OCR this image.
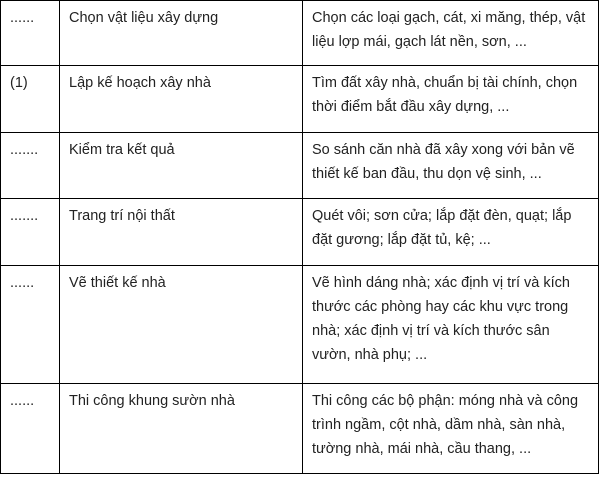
......	Chọn vật liệu xây dựng	Chọn các loại gạch, cát, xi măng, thép, vật liệu lợp mái, gạch lát nền, sơn, ...
(1)	Lập kế hoạch xây nhà	Tìm đất xây nhà, chuẩn bị tài chính, chọn thời điểm bắt đầu xây dựng, ...
.......	Kiểm tra kết quả	So sánh căn nhà đã xây xong với bản vẽ thiết kế ban đầu, thu dọn vệ sinh, ...
.......	Trang trí nội thất	Quét vôi; sơn cửa; lắp đặt đèn, quạt; lắp đặt gương; lắp đặt tủ, kệ; ...
......	Vẽ thiết kế nhà	Vẽ hình dáng nhà; xác định vị trí và kích thước các phòng hay các khu vực trong nhà; xác định vị trí và kích thước sân vườn, nhà phụ; ...
......	Thi công khung sườn nhà	Thi công các bộ phận: móng nhà và công trình ngầm, cột nhà, dầm nhà, sàn nhà, tường nhà, mái nhà, cầu thang, ...
